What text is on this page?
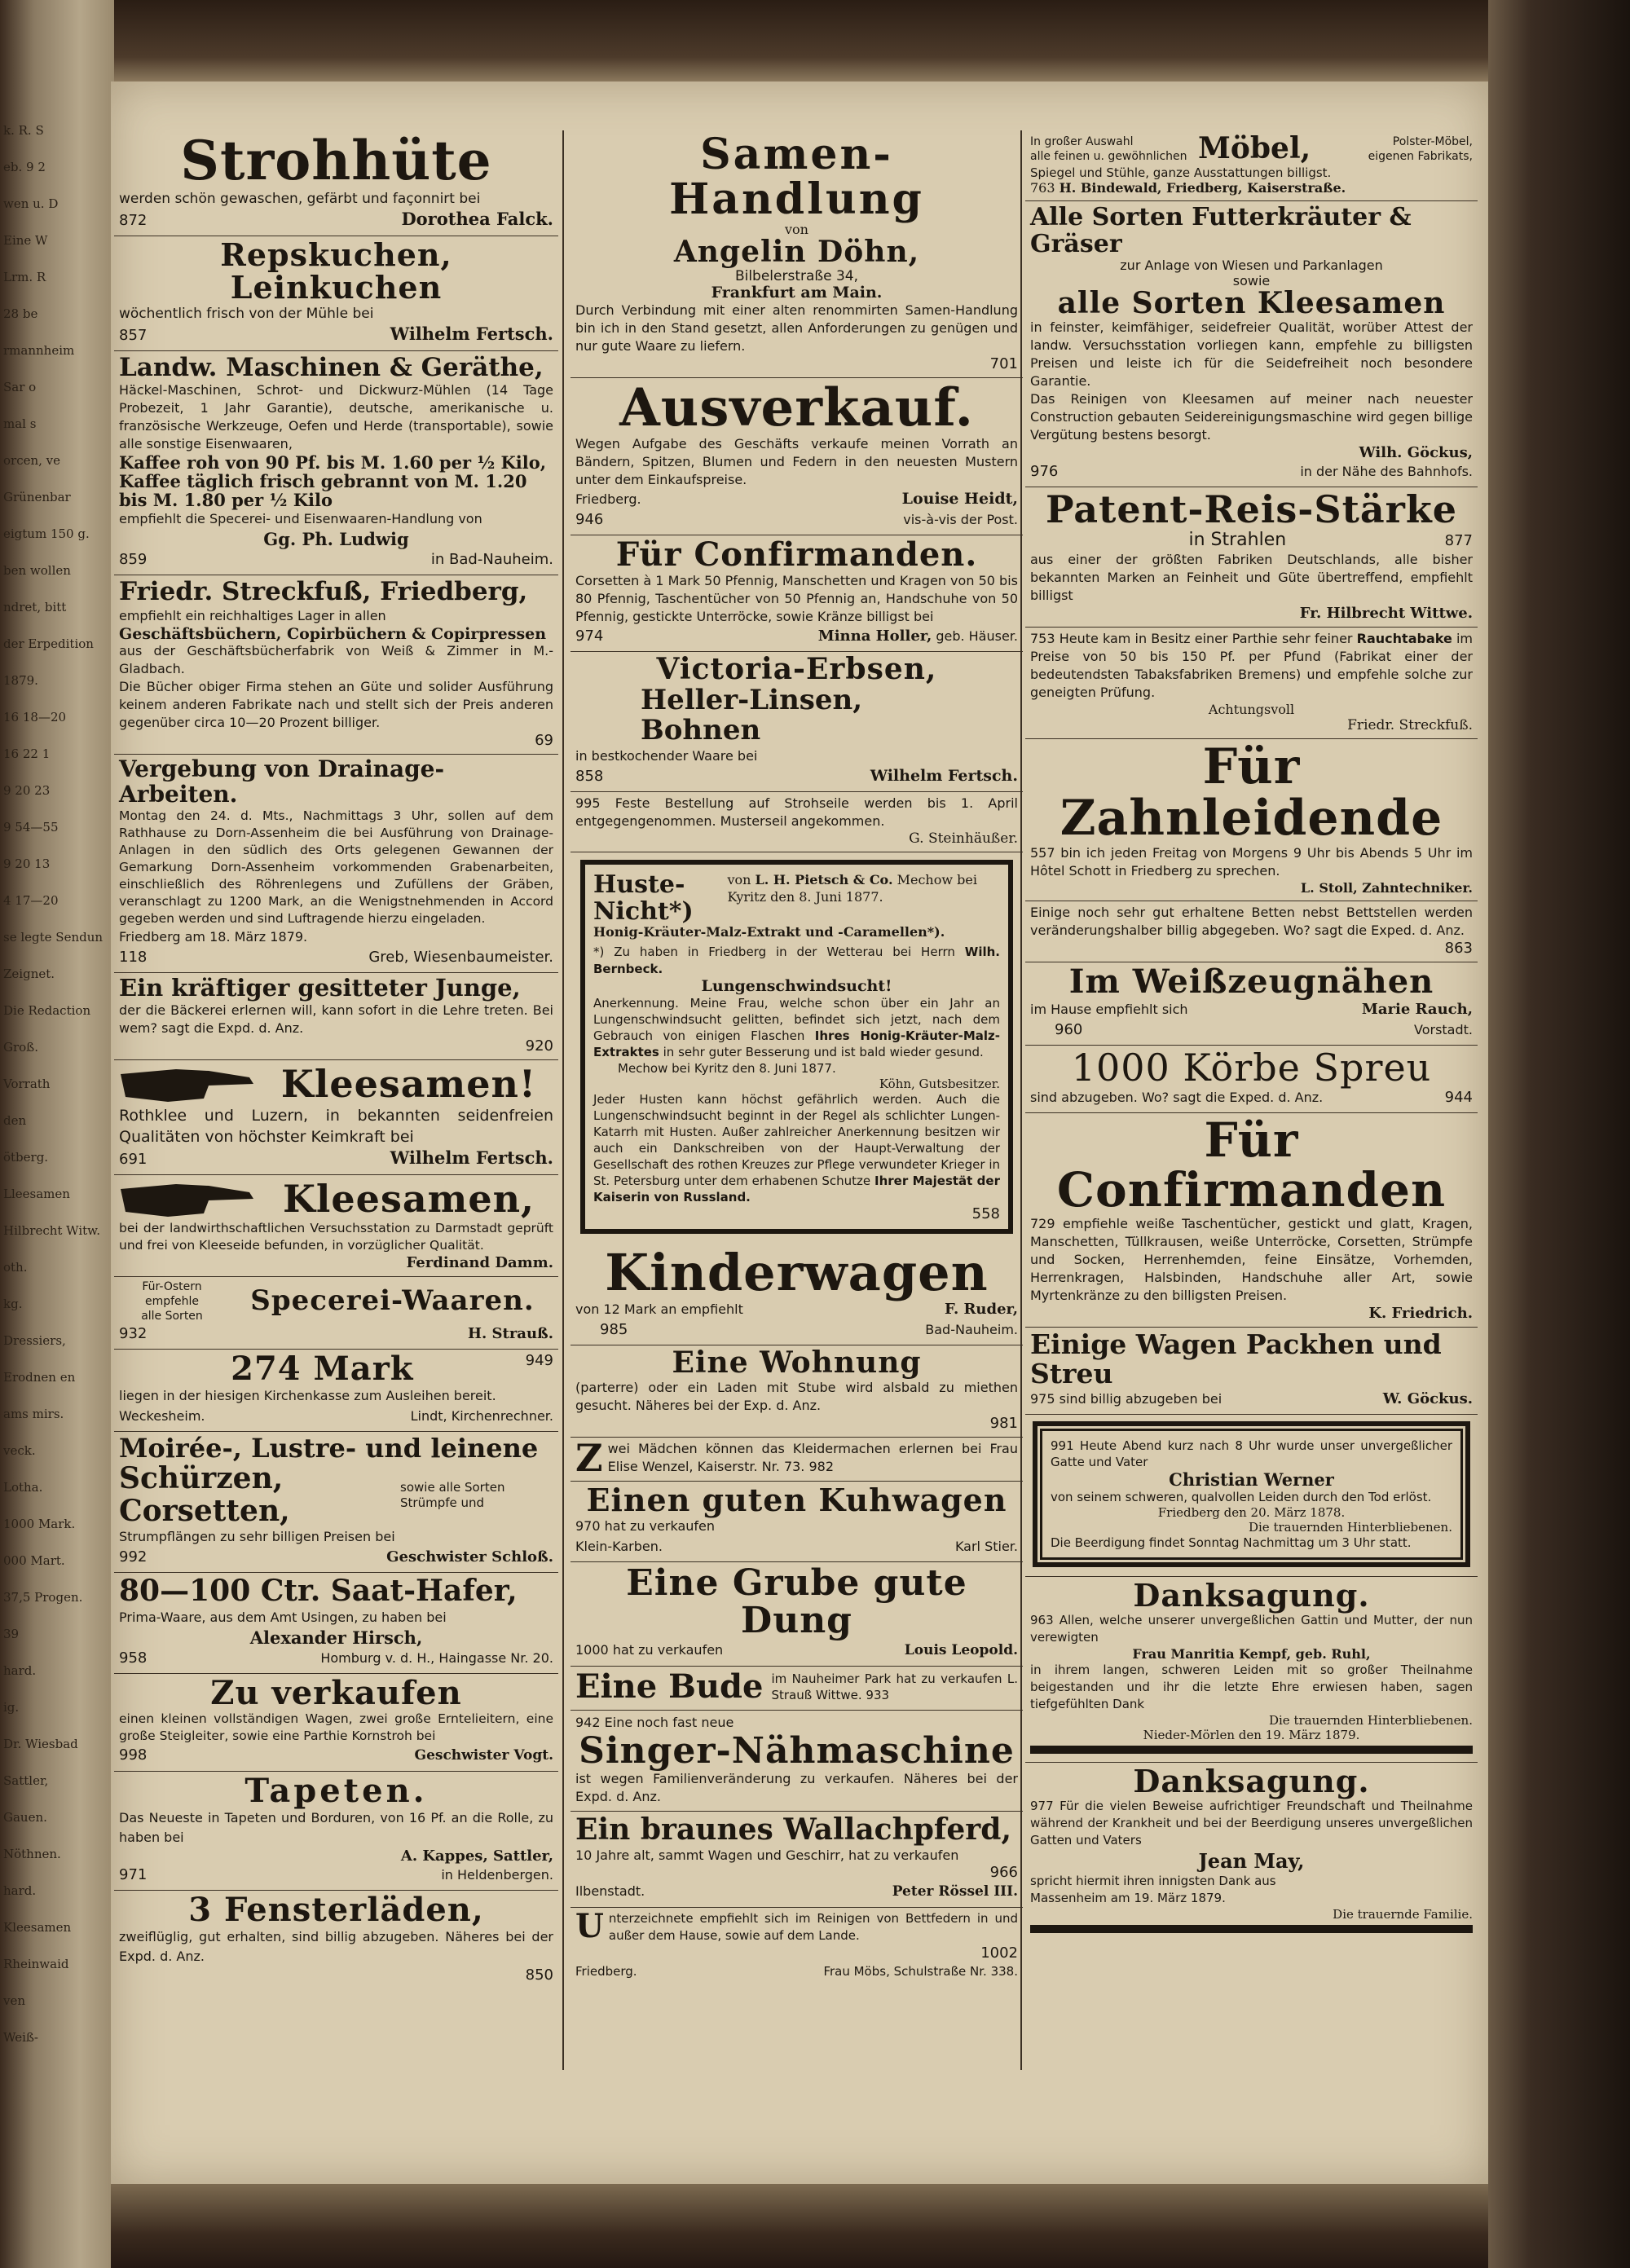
k. R. S
eb. 9 2
wen u. D
Eine W
Lrm. R
28 be
rmannheim
Sar o
mal s
orcen, ve
Grünenbar
eigtum 150 g.
ben wollen
ndret, bitt
der Erpedition
1879.
16 18—20
16 22 1
9 20 23
9 54—55
9 20 13
4 17—20
se legte Sendun
Zeignet.
Die Redaction
Groß.
Vorrath
den
ötberg.
Lleesamen
Hilbrecht Witw.
oth.
kg.
Dressiers,
Erodnen en
ams mirs.
veck.
Lotha.
1000 Mark.
000 Mart.
37,5 Progen.
39
hard.
ig.
Dr. Wiesbad
Sattler,
Gauen.
Nöthnen.
hard.
Kleesamen
Rheinwaid
ven
Weiß-
Strohhüte
werden schön gewaschen, gefärbt und façonnirt bei
872	Dorothea Falck.
Repskuchen,
Leinkuchen
wöchentlich frisch von der Mühle bei
857	Wilhelm Fertsch.
Landw. Maschinen & Geräthe,
Häckel-Maschinen, Schrot- und Dickwurz-Mühlen (14 Tage Probezeit, 1 Jahr Garantie), deutsche, amerikanische u. französische Werkzeuge, Oefen und Herde (transportable), sowie alle sonstige Eisenwaaren,
Kaffee roh von 90 Pf. bis M. 1.60 per ½ Kilo,
Kaffee täglich frisch gebrannt von M. 1.20 bis M. 1.80 per ½ Kilo
empfiehlt die Specerei- und Eisenwaaren-Handlung von
Gg. Ph. Ludwig
859	in Bad-Nauheim.
Friedr. Streckfuß, Friedberg,
empfiehlt ein reichhaltiges Lager in allen
Geschäftsbüchern, Copirbüchern & Copirpressen
aus der Geschäftsbücherfabrik von Weiß & Zimmer in M.-Gladbach.
Die Bücher obiger Firma stehen an Güte und solider Ausführung keinem anderen Fabrikate nach und stellt sich der Preis anderen gegenüber circa 10—20 Prozent billiger.
69
Vergebung von Drainage-Arbeiten.
Montag den 24. d. Mts., Nachmittags 3 Uhr, sollen auf dem Rathhause zu Dorn-Assenheim die bei Ausführung von Drainage-Anlagen in den südlich des Orts gelegenen Gewannen der Gemarkung Dorn-Assenheim vorkommenden Grabenarbeiten, einschließlich des Röhrenlegens und Zufüllens der Gräben, veranschlagt zu 1200 Mark, an die Wenigstnehmenden in Accord gegeben werden und sind Luftragende hierzu eingeladen.
Friedberg am 18. März 1879.
118	Greb, Wiesenbaumeister.
Ein kräftiger gesitteter Junge,
der die Bäckerei erlernen will, kann sofort in die Lehre treten. Bei wem? sagt die Expd. d. Anz.
920
Kleesamen!
Rothklee und Luzern, in bekannten seidenfreien Qualitäten von höchster Keimkraft bei
691	Wilhelm Fertsch.
Kleesamen,
bei der landwirthschaftlichen Versuchsstation zu Darmstadt geprüft und frei von Kleeseide befunden, in vorzüglicher Qualität.
Ferdinand Damm.
Für-Ostern empfehle
alle Sorten	Specerei-Waaren.
932	H. Strauß.
274 Mark	949
liegen in der hiesigen Kirchenkasse zum Ausleihen bereit.
Weckesheim.	Lindt, Kirchenrechner.
Moirée-, Lustre- und leinene
Schürzen, Corsetten,
sowie alle Sorten Strümpfe und
Strumpflängen zu sehr billigen Preisen bei
992	Geschwister Schloß.
80—100 Ctr. Saat-Hafer,
Prima-Waare, aus dem Amt Usingen, zu haben bei
Alexander Hirsch,
958	Homburg v. d. H., Haingasse Nr. 20.
Zu verkaufen
einen kleinen vollständigen Wagen, zwei große Erntelieitern, eine große Steigleiter, sowie eine Parthie Kornstroh bei
998	Geschwister Vogt.
Tapeten.
Das Neueste in Tapeten und Borduren, von 16 Pf. an die Rolle, zu haben bei
A. Kappes, Sattler,
971	in Heldenbergen.
3 Fensterläden,
zweiflüglig, gut erhalten, sind billig abzugeben. Näheres bei der Expd. d. Anz.
850
Samen-Handlung
von
Angelin Döhn,
Bilbelerstraße 34,
Frankfurt am Main.
Durch Verbindung mit einer alten renommirten Samen-Handlung bin ich in den Stand gesetzt, allen Anforderungen zu genügen und nur gute Waare zu liefern.
701
Ausverkauf.
Wegen Aufgabe des Geschäfts verkaufe meinen Vorrath an Bändern, Spitzen, Blumen und Federn in den neuesten Mustern unter dem Einkaufspreise.
Friedberg.	Louise Heidt,
946	vis-à-vis der Post.
Für Confirmanden.
Corsetten à 1 Mark 50 Pfennig, Manschetten und Kragen von 50 bis 80 Pfennig, Taschentücher von 50 Pfennig an, Handschuhe von 50 Pfennig, gestickte Unterröcke, sowie Kränze billigst bei
974	Minna Holler, geb. Häuser.
Victoria-Erbsen,
Heller-Linsen,
Bohnen
in bestkochender Waare bei
858	Wilhelm Fertsch.
995 Feste Bestellung auf Strohseile werden bis 1. April entgegengenommen. Musterseil angekommen.
G. Steinhäußer.
Huste-Nicht*)
von L. H. Pietsch & Co. Mechow bei Kyritz den 8. Juni 1877.
Honig-Kräuter-Malz-Extrakt und -Caramellen*).
*) Zu haben in Friedberg in der Wetterau bei Herrn Wilh. Bernbeck.
Lungenschwindsucht!
Anerkennung. Meine Frau, welche schon über ein Jahr an Lungenschwindsucht gelitten, befindet sich jetzt, nach dem Gebrauch von einigen Flaschen Ihres Honig-Kräuter-Malz-Extraktes in sehr guter Besserung und ist bald wieder gesund.
Mechow bei Kyritz den 8. Juni 1877.
Köhn, Gutsbesitzer.
Jeder Husten kann höchst gefährlich werden. Auch die Lungenschwindsucht beginnt in der Regel als schlichter Lungen-Katarrh mit Husten. Außer zahlreicher Anerkennung besitzen wir auch ein Dankschreiben von der Haupt-Verwaltung der Gesellschaft des rothen Kreuzes zur Pflege verwundeter Krieger in St. Petersburg unter dem erhabenen Schutze Ihrer Majestät der Kaiserin von Russland.
558
Kinderwagen
von 12 Mark an empfiehlt	F. Ruder,
985	Bad-Nauheim.
Eine Wohnung
(parterre) oder ein Laden mit Stube wird alsbald zu miethen gesucht. Näheres bei der Exp. d. Anz.
981
Z wei Mädchen können das Kleidermachen erlernen bei Frau Elise Wenzel, Kaiserstr. Nr. 73. 982
Einen guten Kuhwagen
970 hat zu verkaufen
Klein-Karben.	Karl Stier.
Eine Grube gute Dung
1000 hat zu verkaufen	Louis Leopold.
Eine Bude im Nauheimer Park hat zu verkaufen L. Strauß Wittwe. 933
942 Eine noch fast neue
Singer-Nähmaschine
ist wegen Familienveränderung zu verkaufen. Näheres bei der Expd. d. Anz.
Ein braunes Wallachpferd,
10 Jahre alt, sammt Wagen und Geschirr, hat zu verkaufen
966
Ilbenstadt.	Peter Rössel III.
U nterzeichnete empfiehlt sich im Reinigen von Bettfedern in und außer dem Hause, sowie auf dem Lande.
1002
Friedberg.	Frau Möbs, Schulstraße Nr. 338.
In großer Auswahl
alle feinen u. gewöhnlichen Möbel,	Polster-Möbel,
eigenen Fabrikats,
Spiegel und Stühle, ganze Ausstattungen billigst.
763 H. Bindewald, Friedberg, Kaiserstraße.
Alle Sorten Futterkräuter & Gräser
zur Anlage von Wiesen und Parkanlagen
sowie
alle Sorten Kleesamen
in feinster, keimfähiger, seidefreier Qualität, worüber Attest der landw. Versuchsstation vorliegen kann, empfehle zu billigsten Preisen und leiste ich für die Seidefreiheit noch besondere Garantie.
Das Reinigen von Kleesamen auf meiner nach neuester Construction gebauten Seidereinigungsmaschine wird gegen billige Vergütung bestens besorgt.
Wilh. Göckus,
976	in der Nähe des Bahnhofs.
Patent-Reis-Stärke
in Strahlen	877
aus einer der größten Fabriken Deutschlands, alle bisher bekannten Marken an Feinheit und Güte übertreffend, empfiehlt billigst
Fr. Hilbrecht Wittwe.
753 Heute kam in Besitz einer Parthie sehr feiner Rauchtabake im Preise von 50 bis 150 Pf. per Pfund (Fabrikat einer der bedeutendsten Tabaksfabriken Bremens) und empfehle solche zur geneigten Prüfung.
Achtungsvoll
Friedr. Streckfuß.
Für Zahnleidende
557 bin ich jeden Freitag von Morgens 9 Uhr bis Abends 5 Uhr im Hôtel Schott in Friedberg zu sprechen.
L. Stoll, Zahntechniker.
Einige noch sehr gut erhaltene Betten nebst Bettstellen werden veränderungshalber billig abgegeben. Wo? sagt die Exped. d. Anz.
863
Im Weißzeugnähen
im Hause empfiehlt sich	Marie Rauch,
960	Vorstadt.
1000 Körbe Spreu
sind abzugeben. Wo? sagt die Exped. d. Anz.	944
Für Confirmanden
729 empfiehle weiße Taschentücher, gestickt und glatt, Kragen, Manschetten, Tüllkrausen, weiße Unterröcke, Corsetten, Strümpfe und Socken, Herrenhemden, feine Einsätze, Vorhemden, Herrenkragen, Halsbinden, Handschuhe aller Art, sowie Myrtenkränze zu den billigsten Preisen.
K. Friedrich.
Einige Wagen Packhen und Streu
975 sind billig abzugeben bei	W. Göckus.
991 Heute Abend kurz nach 8 Uhr wurde unser unvergeßlicher Gatte und Vater
Christian Werner
von seinem schweren, qualvollen Leiden durch den Tod erlöst.
Friedberg den 20. März 1878.
Die trauernden Hinterbliebenen.
Die Beerdigung findet Sonntag Nachmittag um 3 Uhr statt.
Danksagung.
963 Allen, welche unserer unvergeßlichen Gattin und Mutter, der nun verewigten
Frau Manritia Kempf, geb. Ruhl,
in ihrem langen, schweren Leiden mit so großer Theilnahme beigestanden und ihr die letzte Ehre erwiesen haben, sagen tiefgefühlten Dank
Die trauernden Hinterbliebenen.
Nieder-Mörlen den 19. März 1879.
Danksagung.
977 Für die vielen Beweise aufrichtiger Freundschaft und Theilnahme während der Krankheit und bei der Beerdigung unseres unvergeßlichen Gatten und Vaters
Jean May,
spricht hiermit ihren innigsten Dank aus
Massenheim am 19. März 1879.
Die trauernde Familie.
